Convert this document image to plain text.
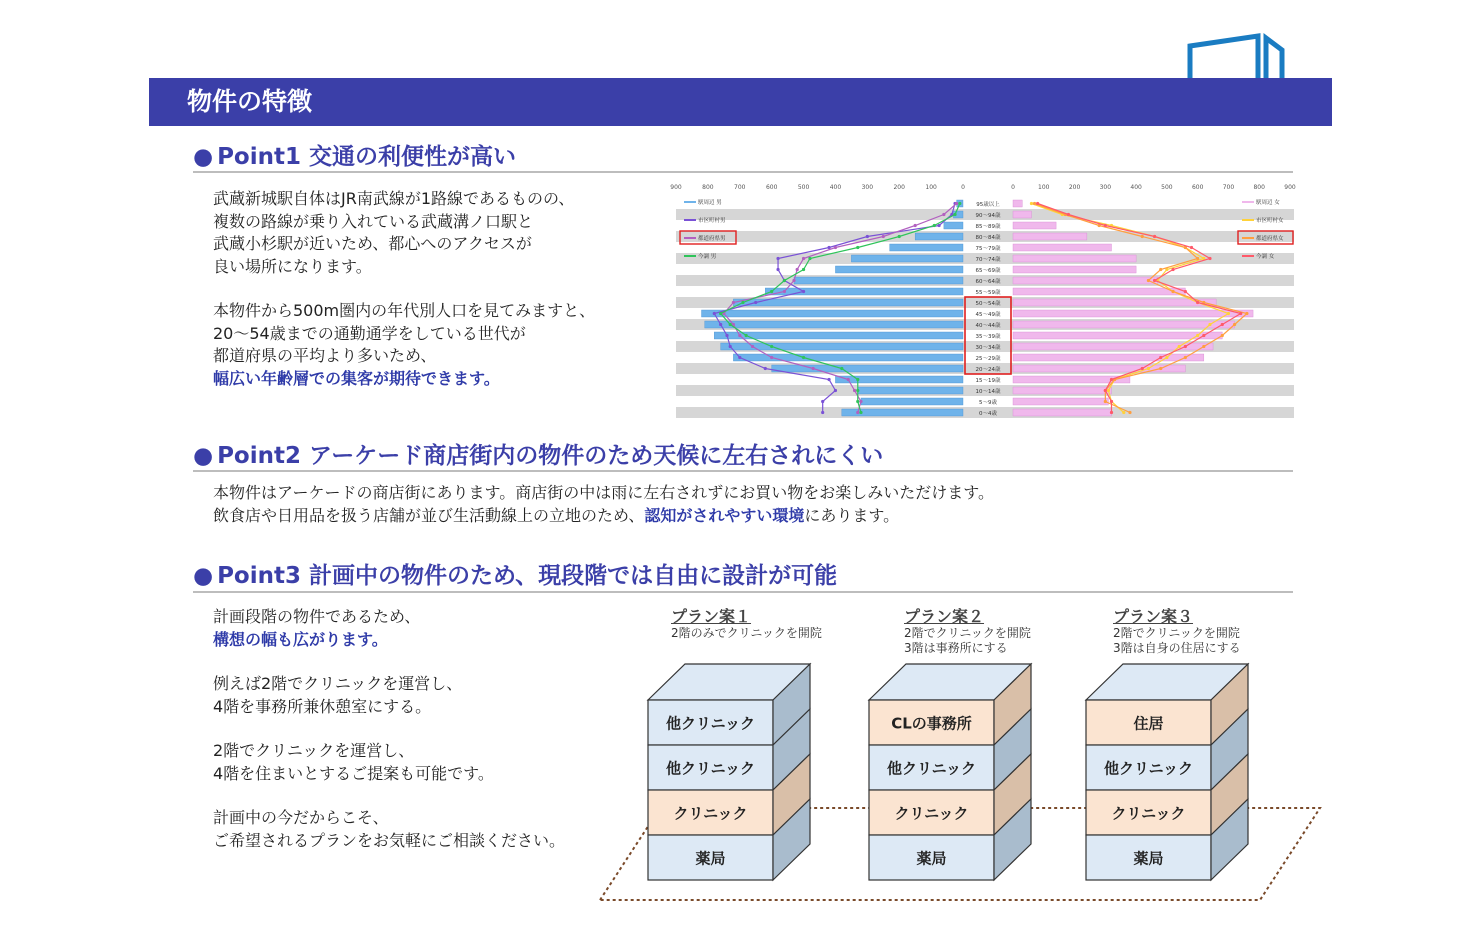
物件の特徴
● Point1 交通の利便性が高い
武蔵新城駅自体はJR南武線が1路線であるものの、
複数の路線が乗り入れている武蔵溝ノ口駅と
武蔵小杉駅が近いため、都心へのアクセスが
良い場所になります。

本物件から500m圏内の年代別人口を見てみますと、
20～54歳までの通勤通学をしている世代が
都道府県の平均より多いため、
幅広い年齢層での集客が期待できます。
900	800	700	600	500	400	300	200	100	0	0	100	200	300	400	500	600	700	800	900
95歳以上
90～94歳
85～89歳
80～84歳
75～79歳
70～74歳
65～69歳
60～64歳
55～59歳
50～54歳
45～49歳
40～44歳
35～39歳
30～34歳
25～29歳
20～24歳
15～19歳
10～14歳
5～9歳
0～4歳
駅周辺 男
市区町村男
都道府県男
今調 男
駅周辺 女
市区町村女
都道府県女
今調 女
● Point2 アーケード商店街内の物件のため天候に左右されにくい
本物件はアーケードの商店街にあります。商店街の中は雨に左右されずにお買い物をお楽しみいただけます。
飲食店や日用品を扱う店舗が並び生活動線上の立地のため、認知がされやすい環境にあります。
● Point3 計画中の物件のため、現段階では自由に設計が可能
計画段階の物件であるため、
構想の幅も広がります。

例えば2階でクリニックを運営し、
4階を事務所兼休憩室にする。

2階でクリニックを運営し、
4階を住まいとするご提案も可能です。

計画中の今だからこそ、
ご希望されるプランをお気軽にご相談ください。
プラン案１
2階のみでクリニックを開院
プラン案２
2階でクリニックを開院
3階は事務所にする
プラン案３
2階でクリニックを開院
3階は自身の住居にする
他クリニック
他クリニック
クリニック
薬局
CLの事務所
他クリニック
クリニック
薬局
住居
他クリニック
クリニック
薬局
